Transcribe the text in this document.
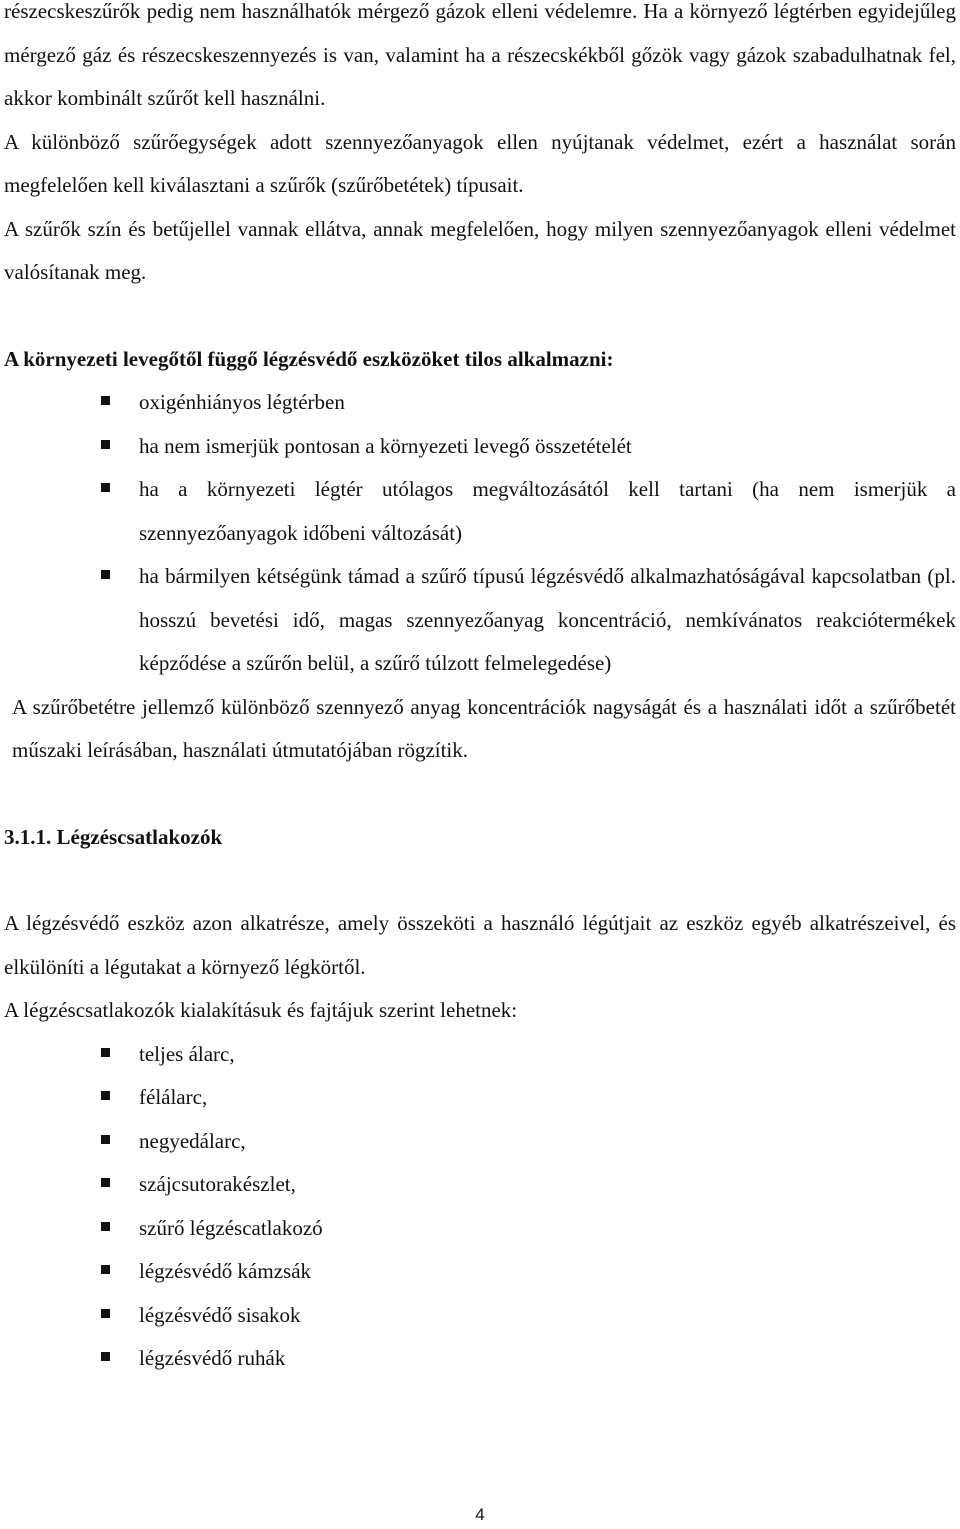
részecskeszűrők pedig nem használhatók mérgező gázok elleni védelemre. Ha a környező légtérben egyidejűleg mérgező gáz és részecskeszennyezés is van, valamint ha a részecskékből gőzök vagy gázok szabadulhatnak fel, akkor kombinált szűrőt kell használni.

A különböző szűrőegységek adott szennyezőanyagok ellen nyújtanak védelmet, ezért a használat során megfelelően kell kiválasztani a szűrők (szűrőbetétek) típusait.

A szűrők szín és betűjellel vannak ellátva, annak megfelelően, hogy milyen szennyezőanyagok elleni védelmet valósítanak meg.

A környezeti levegőtől függő légzésvédő eszközöket tilos alkalmazni:

oxigénhiányos légtérben
ha nem ismerjük pontosan a környezeti levegő összetételét
ha a környezeti légtér utólagos megváltozásától kell tartani (ha nem ismerjük a szennyezőanyagok időbeni változását)
ha bármilyen kétségünk támad a szűrő típusú légzésvédő alkalmazhatóságával kapcsolatban (pl. hosszú bevetési idő, magas szennyezőanyag koncentráció, nemkívánatos reakciótermékek képződése a szűrőn belül, a szűrő túlzott felmelegedése)

A szűrőbetétre jellemző különböző szennyező anyag koncentrációk nagyságát és a használati időt a szűrőbetét műszaki leírásában, használati útmutatójában rögzítik.

3.1.1. Légzéscsatlakozók

A légzésvédő eszköz azon alkatrésze, amely összeköti a használó légútjait az eszköz egyéb alkatrészeivel, és elkülöníti a légutakat a környező légkörtől.

A légzéscsatlakozók kialakításuk és fajtájuk szerint lehetnek:

teljes álarc,
félálarc,
negyedálarc,
szájcsutorakészlet,
szűrő légzéscatlakozó
légzésvédő kámzsák
légzésvédő sisakok
légzésvédő ruhák
4
